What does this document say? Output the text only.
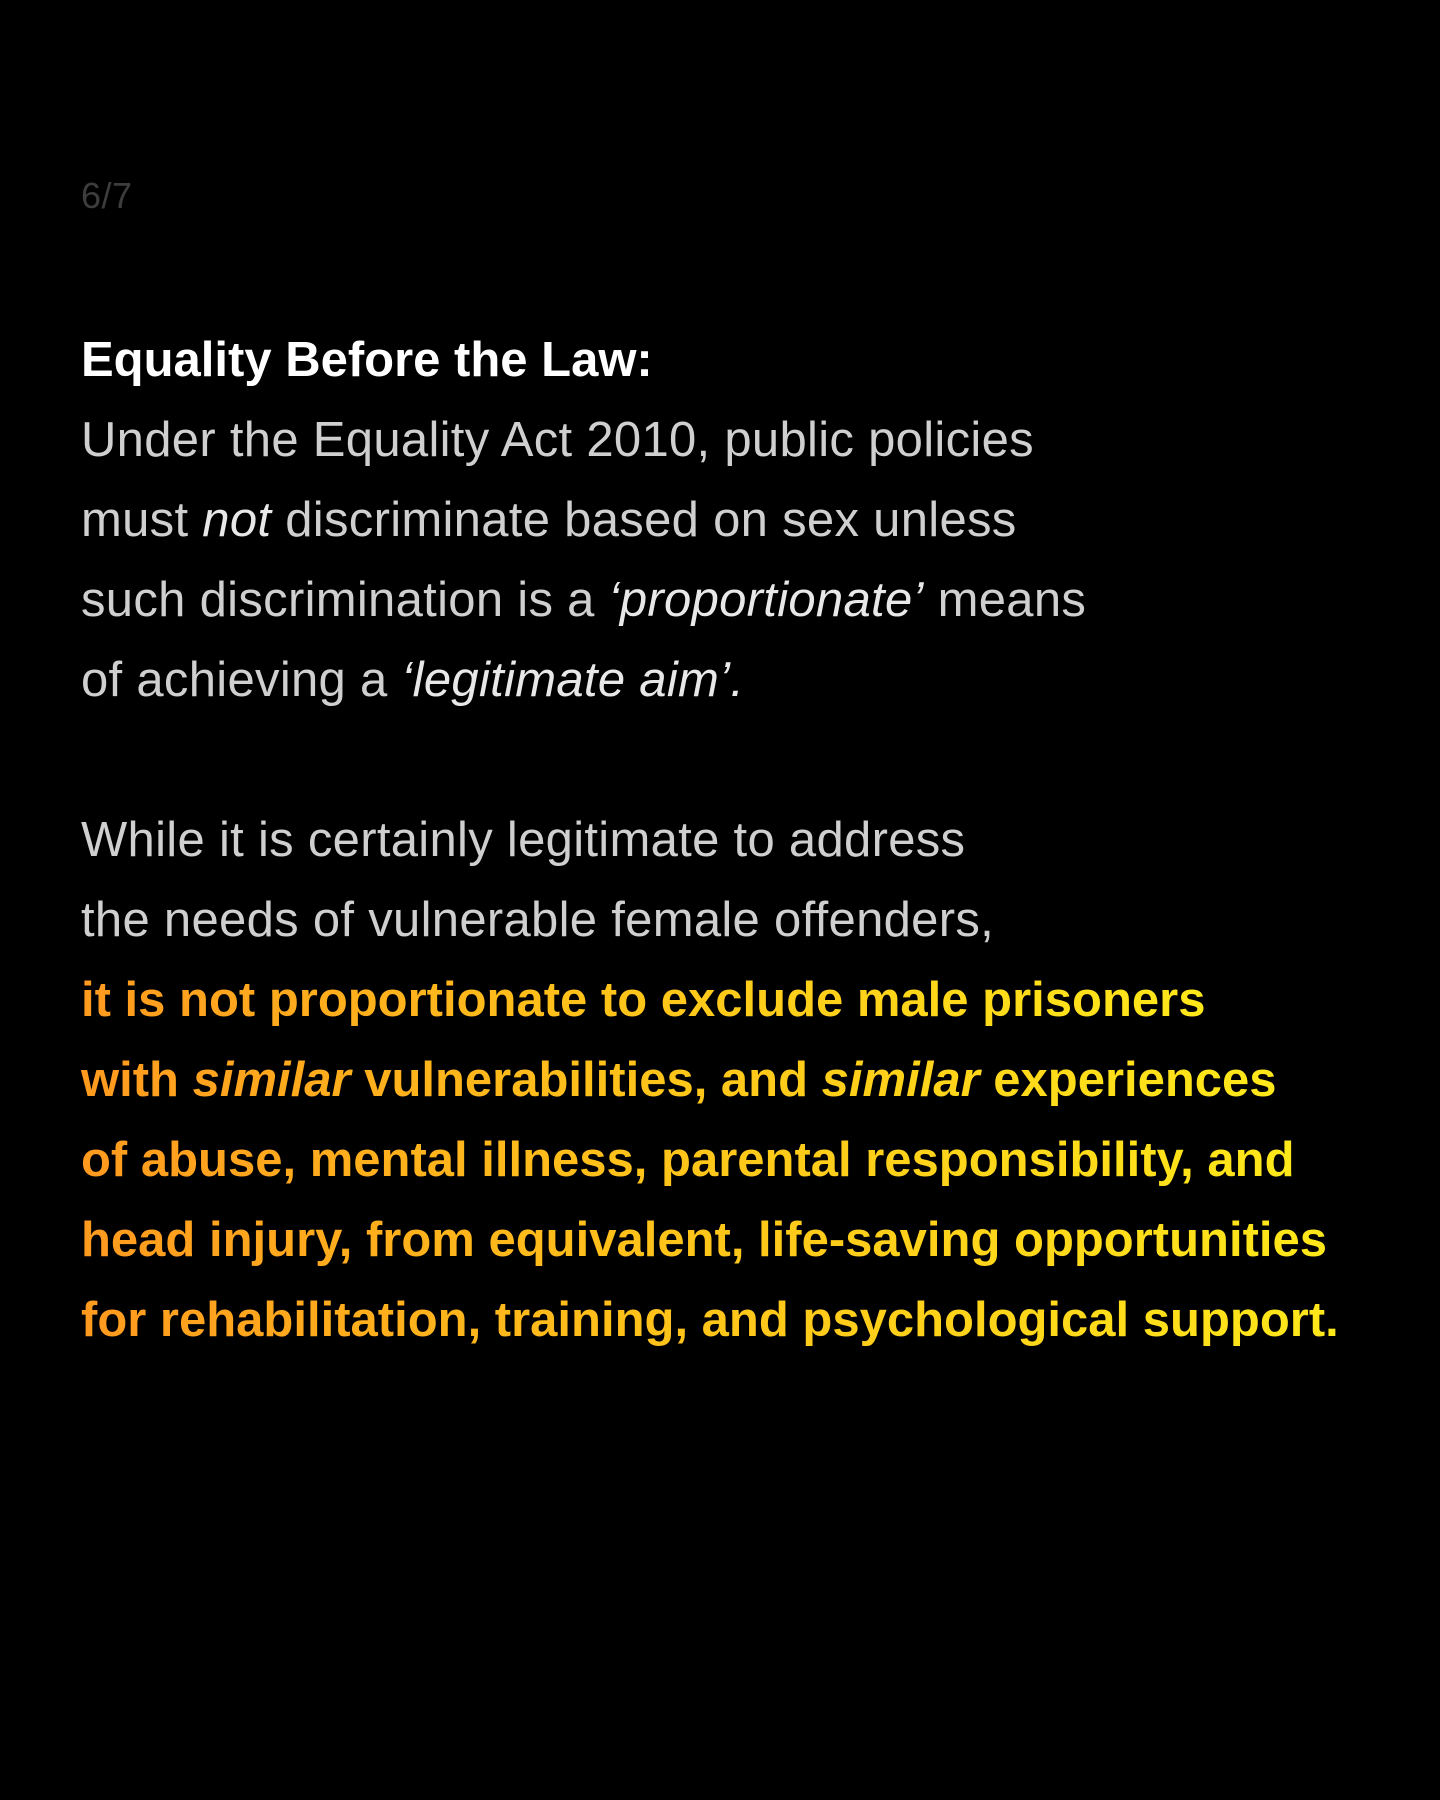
6/7
Equality Before the Law:
Under the Equality Act 2010, public policies
must not discriminate based on sex unless
such discrimination is a ‘proportionate’ means
of achieving a ‘legitimate aim’.
While it is certainly legitimate to address
the needs of vulnerable female offenders,
it is not proportionate to exclude male prisoners
with similar vulnerabilities, and similar experiences
of abuse, mental illness, parental responsibility, and
head injury, from equivalent, life-saving opportunities
for rehabilitation, training, and psychological support.
